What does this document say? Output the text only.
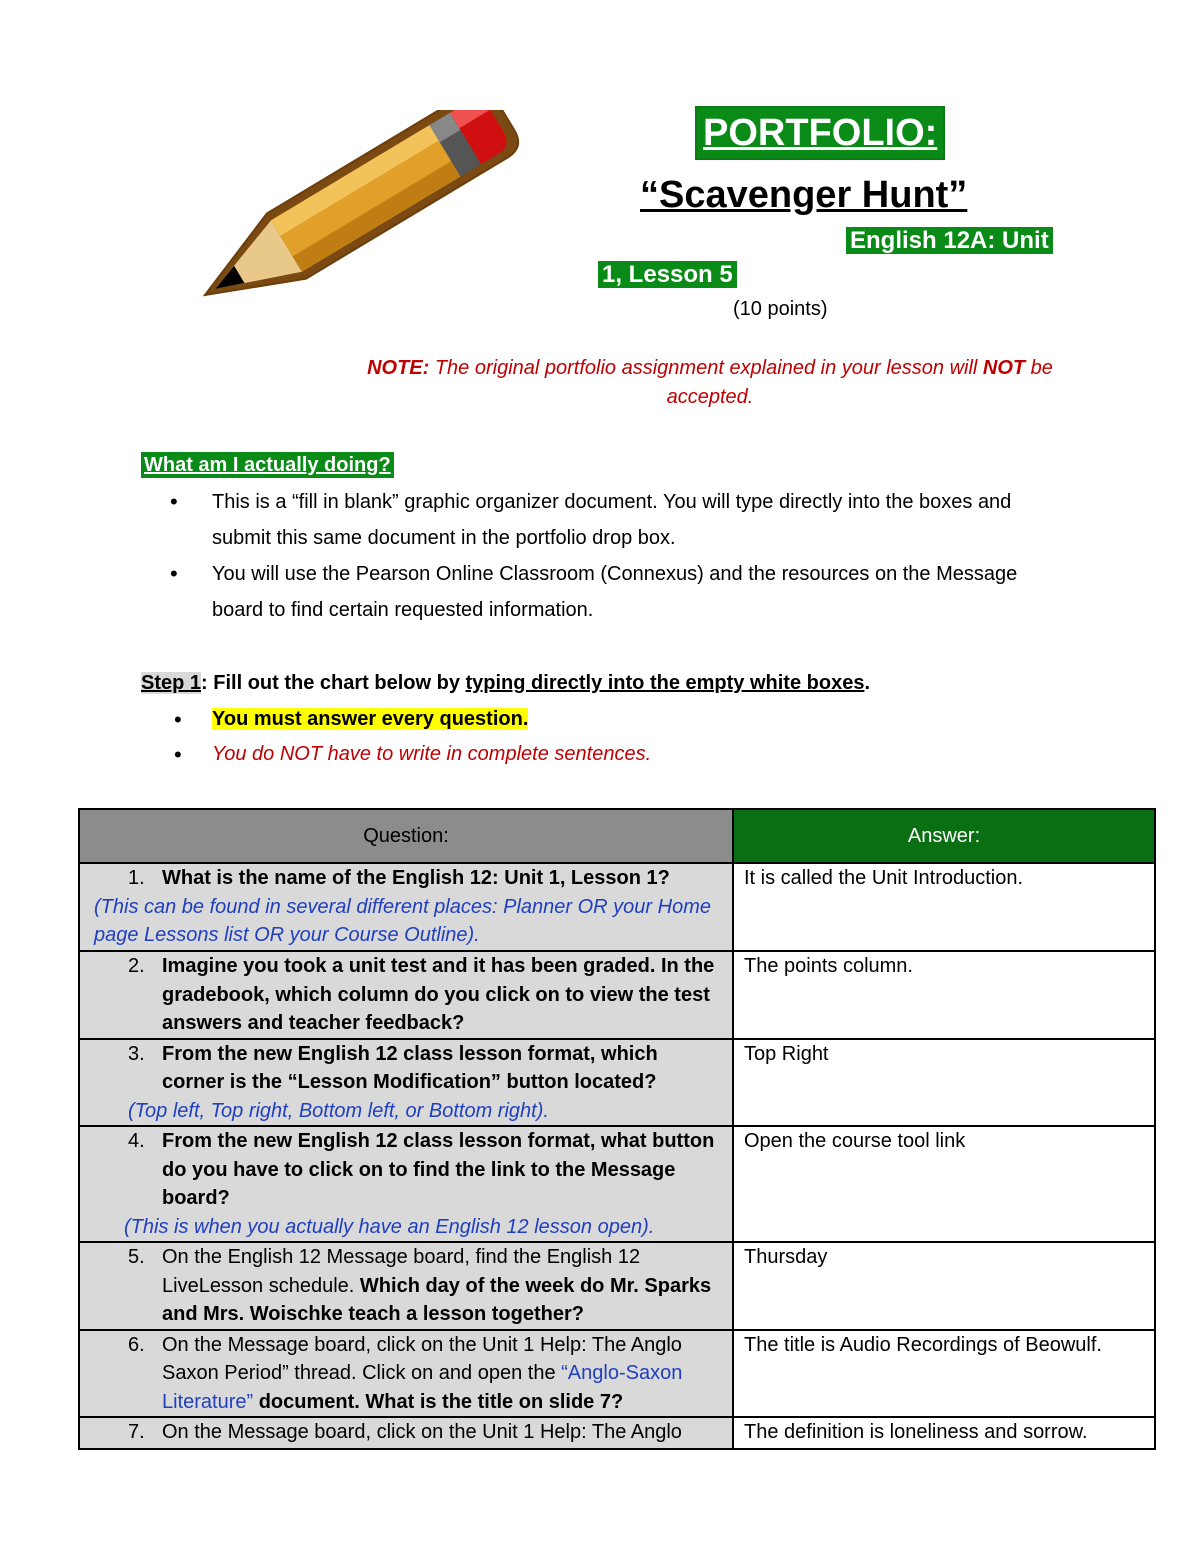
PORTFOLIO:
“Scavenger Hunt”
English 12A: Unit
1, Lesson 5
(10 points)
NOTE: The original portfolio assignment explained in your lesson will NOT be accepted.
What am I actually doing?
• This is a “fill in blank” graphic organizer document. You will type directly into the boxes and submit this same document in the portfolio drop box.
• You will use the Pearson Online Classroom (Connexus) and the resources on the Message board to find certain requested information.
Step 1: Fill out the chart below by typing directly into the empty white boxes.
• You must answer every question.
• You do NOT have to write in complete sentences.
Question:	Answer:

1. What is the name of the English 12: Unit 1, Lesson 1?
(This can be found in several different places: Planner OR your Home page Lessons list OR your Course Outline).	It is called the Unit Introduction.

2. Imagine you took a unit test and it has been graded. In the gradebook, which column do you click on to view the test answers and teacher feedback?	The points column.

3. From the new English 12 class lesson format, which corner is the “Lesson Modification” button located?
(Top left, Top right, Bottom left, or Bottom right).	Top Right

4. From the new English 12 class lesson format, what button do you have to click on to find the link to the Message board?
(This is when you actually have an English 12 lesson open).	Open the course tool link

5. On the English 12 Message board, find the English 12 LiveLesson schedule. Which day of the week do Mr. Sparks and Mrs. Woischke teach a lesson together?	Thursday

6. On the Message board, click on the Unit 1 Help: The Anglo Saxon Period” thread. Click on and open the “Anglo-Saxon Literature” document. What is the title on slide 7?	The title is Audio Recordings of Beowulf.

7. On the Message board, click on the Unit 1 Help: The Anglo	The definition is loneliness and sorrow.
